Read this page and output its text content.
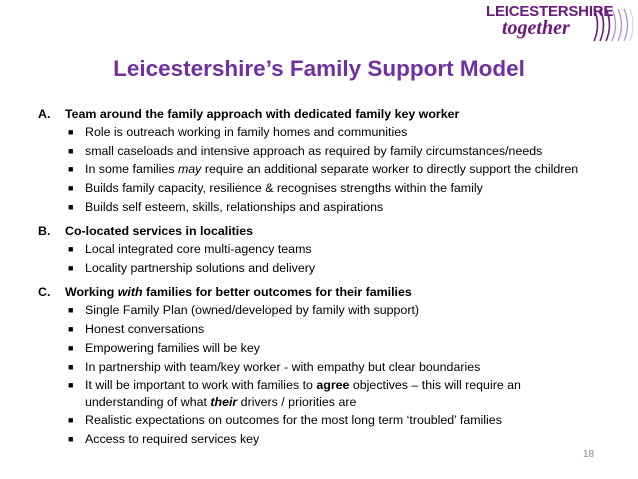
LEICESTERSHIRE
together
Leicestershire’s Family Support Model
A. Team around the family approach with dedicated family key worker
■ Role is outreach working in family homes and communities
■ small caseloads and intensive approach as required by family circumstances/needs
■ In some families may require an additional separate worker to directly support the children
■ Builds family capacity, resilience & recognises strengths within the family
■ Builds self esteem, skills, relationships and aspirations
B. Co-located services in localities
■ Local integrated core multi-agency teams
■ Locality partnership solutions and delivery
C. Working with families for better outcomes for their families
■ Single Family Plan (owned/developed by family with support)
■ Honest conversations
■ Empowering families will be key
■ In partnership with team/key worker - with empathy but clear boundaries
■ It will be important to work with families to agree objectives – this will require an understanding of what their drivers / priorities are
■ Realistic expectations on outcomes for the most long term ‘troubled’ families
■ Access to required services key
18
